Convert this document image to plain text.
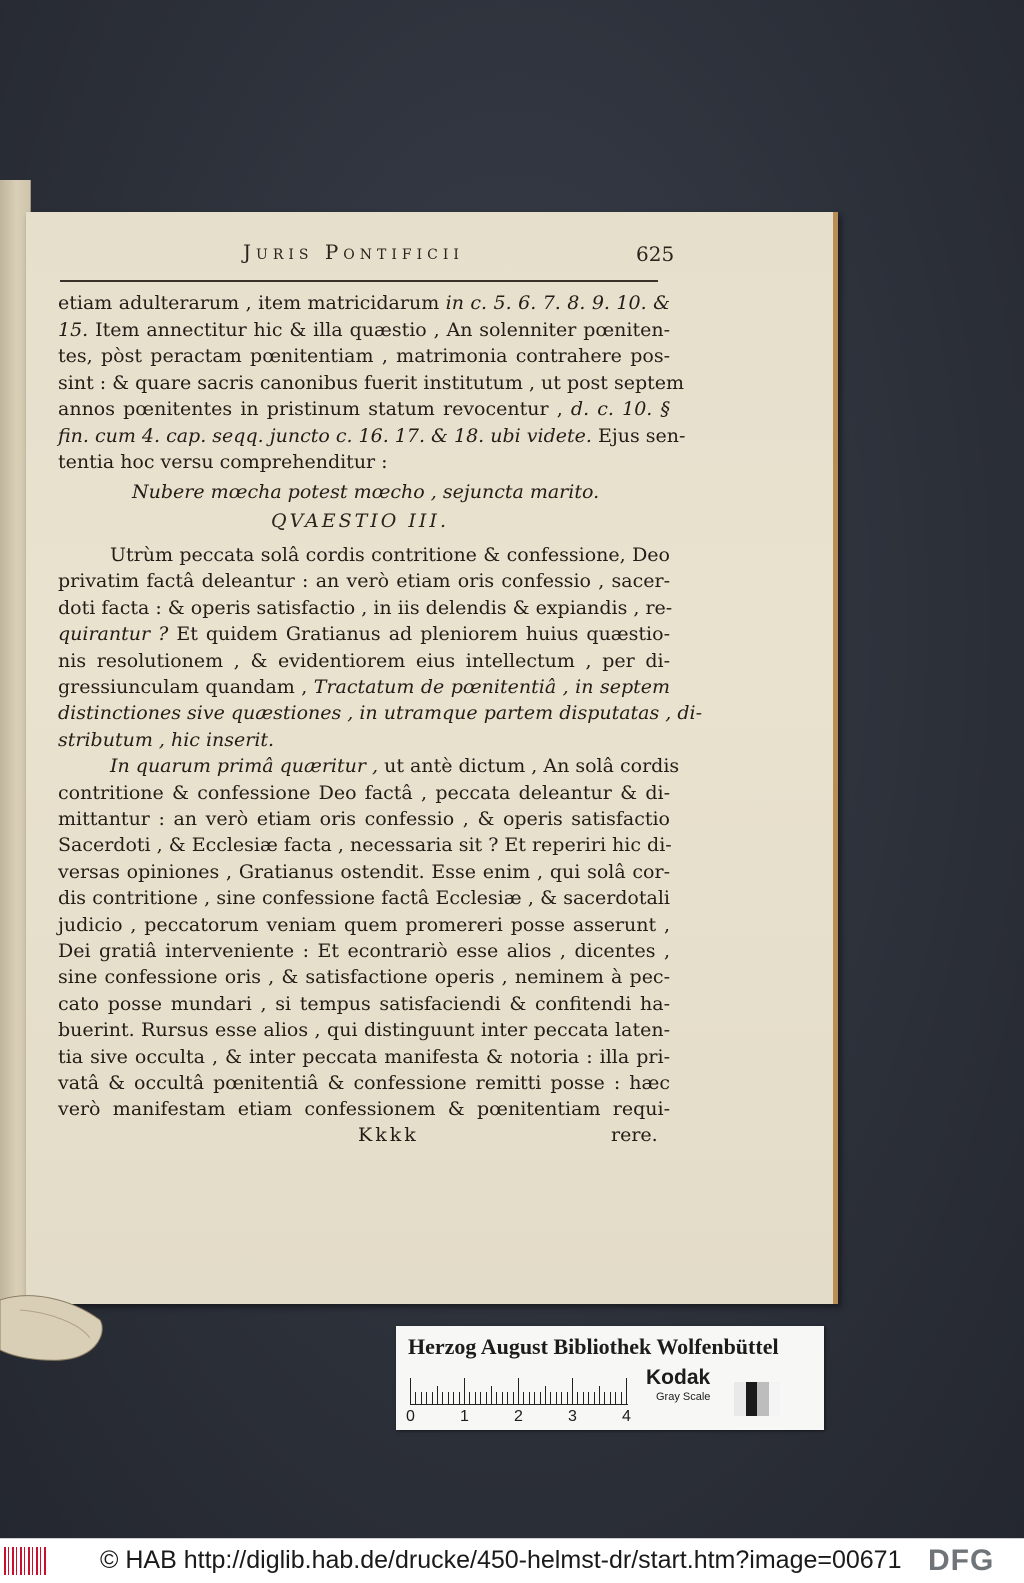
Juris Pontificii	625
etiam adulterarum , item matricidarum in c. 5. 6. 7. 8. 9. 10. &
15. Item annectitur hic & illa quæstio , An solenniter pœniten-
tes, pòst peractam pœnitentiam , matrimonia contrahere pos-
sint : & quare sacris canonibus fuerit institutum , ut post septem
annos pœnitentes in pristinum statum revocentur , d. c. 10. §
fin. cum 4. cap. seqq. juncto c. 16. 17. & 18. ubi videte. Ejus sen-
tentia hoc versu comprehenditur :
Nubere mœcha potest mœcho , sejuncta marito.
QVAESTIO III.
Utrùm peccata solâ cordis contritione & confessione, Deo
privatim factâ deleantur : an verò etiam oris confessio , sacer-
doti facta : & operis satisfactio , in iis delendis & expiandis , re-
quirantur ? Et quidem Gratianus ad pleniorem huius quæstio-
nis resolutionem , & evidentiorem eius intellectum , per di-
gressiunculam quandam , Tractatum de pœnitentiâ , in septem
distinctiones sive quæstiones , in utramque partem disputatas , di-
stributum , hic inserit.
In quarum primâ quæritur , ut antè dictum , An solâ cordis
contritione & confessione Deo factâ , peccata deleantur & di-
mittantur : an verò etiam oris confessio , & operis satisfactio
Sacerdoti , & Ecclesiæ facta , necessaria sit ? Et reperiri hic di-
versas opiniones , Gratianus ostendit. Esse enim , qui solâ cor-
dis contritione , sine confessione factâ Ecclesiæ , & sacerdotali
judicio , peccatorum veniam quem promereri posse asserunt ,
Dei gratiâ interveniente : Et econtrariò esse alios , dicentes ,
sine confessione oris , & satisfactione operis , neminem à pec-
cato posse mundari , si tempus satisfaciendi & confitendi ha-
buerint. Rursus esse alios , qui distinguunt inter peccata laten-
tia sive occulta , & inter peccata manifesta & notoria : illa pri-
vatâ & occultâ pœnitentiâ & confessione remitti posse : hæc
verò manifestam etiam confessionem & pœnitentiam requi-
Kkkk	rere.
Herzog August Bibliothek Wolfenbüttel
0	1	2	3	4
Kodak
Gray Scale
© HAB http://diglib.hab.de/drucke/450-helmst-dr/start.htm?image=00671 DFG
